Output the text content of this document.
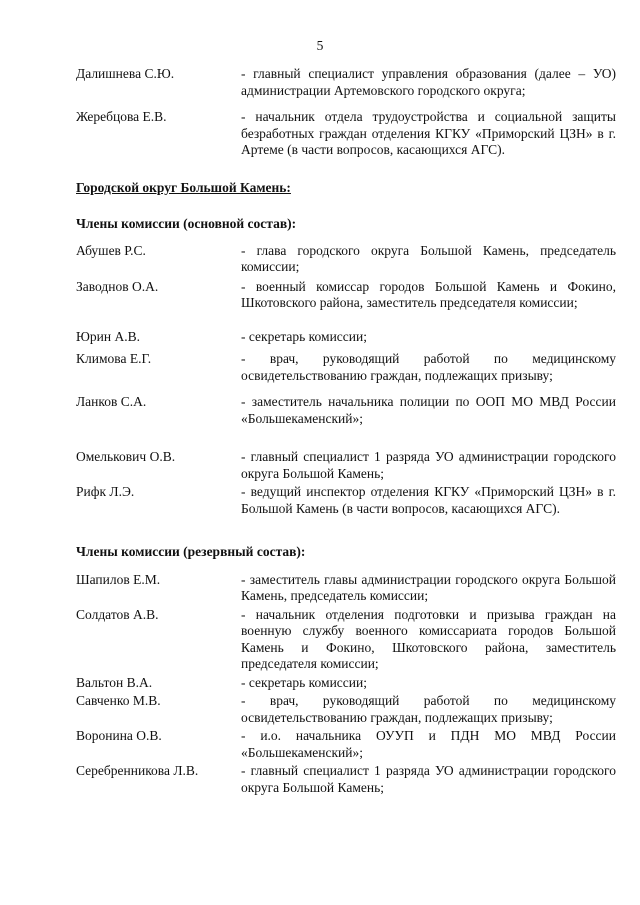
5
Далишнева С.Ю.	- главный специалист управления образования (далее – УО) администрации Артемовского городского округа;
Жеребцова Е.В.	- начальник отдела трудоустройства и социальной защиты безработных граждан отделения КГКУ «Приморский ЦЗН» в г. Артеме (в части вопросов, касающихся АГС).
Городской округ Большой Камень:
Члены комиссии (основной состав):
Абушев Р.С.	- глава городского округа Большой Камень, председатель комиссии;
Заводнов О.А.	- военный комиссар городов Большой Камень и Фокино, Шкотовского района, заместитель председателя комиссии;
Юрин А.В.	- секретарь комиссии;
Климова Е.Г.	- врач, руководящий работой по медицинскому освидетельствованию граждан, подлежащих призыву;
Ланков С.А.	- заместитель начальника полиции по ООП МО МВД России «Большекаменский»;
Омелькович О.В.	- главный специалист 1 разряда УО администрации городского округа Большой Камень;
Рифк Л.Э.	- ведущий инспектор отделения КГКУ «Приморский ЦЗН» в г. Большой Камень (в части вопросов, касающихся АГС).
Члены комиссии (резервный состав):
Шапилов Е.М.	- заместитель главы администрации городского округа Большой Камень, председатель комиссии;
Солдатов А.В.	- начальник отделения подготовки и призыва граждан на военную службу военного комиссариата городов Большой Камень и Фокино, Шкотовского района, заместитель председателя комиссии;
Вальтон В.А.	- секретарь комиссии;
Савченко М.В.	- врач, руководящий работой по медицинскому освидетельствованию граждан, подлежащих призыву;
Воронина О.В.	- и.о. начальника ОУУП и ПДН МО МВД России «Большекаменский»;
Серебренникова Л.В.	- главный специалист 1 разряда УО администрации городского округа Большой Камень;
